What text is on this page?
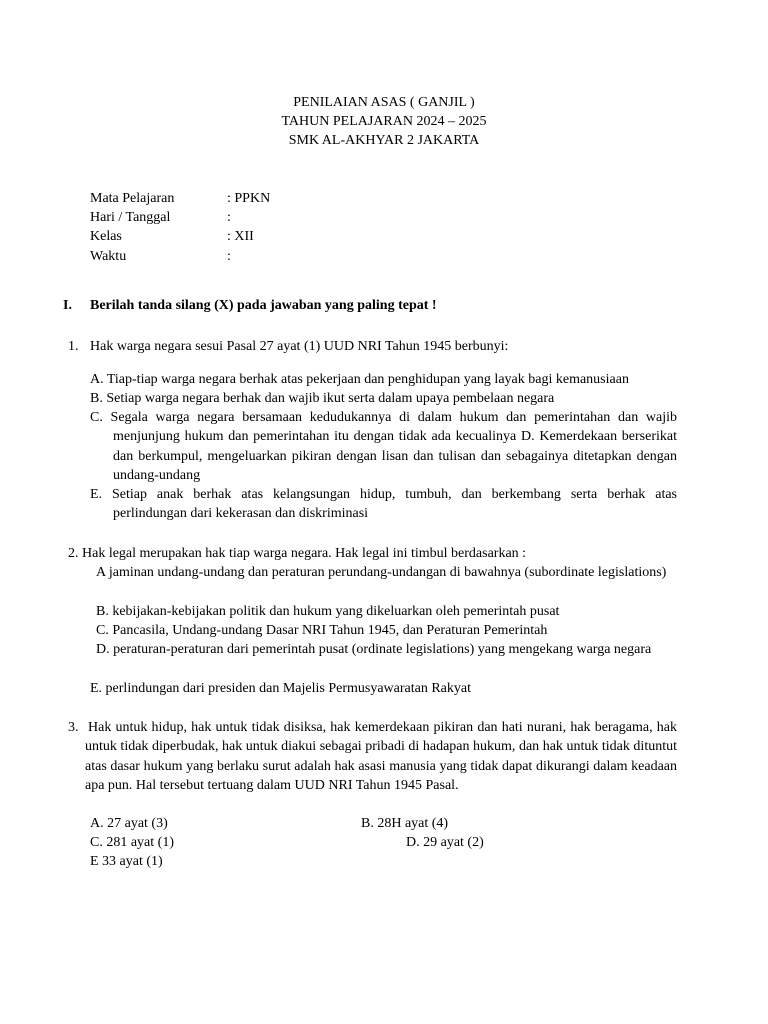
PENILAIAN ASAS ( GANJIL )
TAHUN PELAJARAN 2024 – 2025
SMK AL-AKHYAR 2 JAKARTA
Mata Pelajaran	: PPKN
Hari / Tanggal	:
Kelas	: XII
Waktu	:
I. Berilah tanda silang (X) pada jawaban yang paling tepat !
1. Hak warga negara sesui Pasal 27 ayat (1) UUD NRI Tahun 1945 berbunyi:
A. Tiap-tiap warga negara berhak atas pekerjaan dan penghidupan yang layak bagi kemanusiaan
B. Setiap warga negara berhak dan wajib ikut serta dalam upaya pembelaan negara
C. Segala warga negara bersamaan kedudukannya di dalam hukum dan pemerintahan dan wajib menjunjung hukum dan pemerintahan itu dengan tidak ada kecualinya D. Kemerdekaan berserikat dan berkumpul, mengeluarkan pikiran dengan lisan dan tulisan dan sebagainya ditetapkan dengan undang-undang
E. Setiap anak berhak atas kelangsungan hidup, tumbuh, dan berkembang serta berhak atas perlindungan dari kekerasan dan diskriminasi
2. Hak legal merupakan hak tiap warga negara. Hak legal ini timbul berdasarkan :
A jaminan undang-undang dan peraturan perundang-undangan di bawahnya (subordinate legislations)
B. kebijakan-kebijakan politik dan hukum yang dikeluarkan oleh pemerintah pusat
C. Pancasila, Undang-undang Dasar NRI Tahun 1945, dan Peraturan Pemerintah
D. peraturan-peraturan dari pemerintah pusat (ordinate legislations) yang mengekang warga negara
E. perlindungan dari presiden dan Majelis Permusyawaratan Rakyat
3. Hak untuk hidup, hak untuk tidak disiksa, hak kemerdekaan pikiran dan hati nurani, hak beragama, hak untuk tidak diperbudak, hak untuk diakui sebagai pribadi di hadapan hukum, dan hak untuk tidak dituntut atas dasar hukum yang berlaku surut adalah hak asasi manusia yang tidak dapat dikurangi dalam keadaan apa pun. Hal tersebut tertuang dalam UUD NRI Tahun 1945 Pasal.
A. 27 ayat (3)	B. 28H ayat (4)
C. 281 ayat (1)	D. 29 ayat (2)
E 33 ayat (1)
